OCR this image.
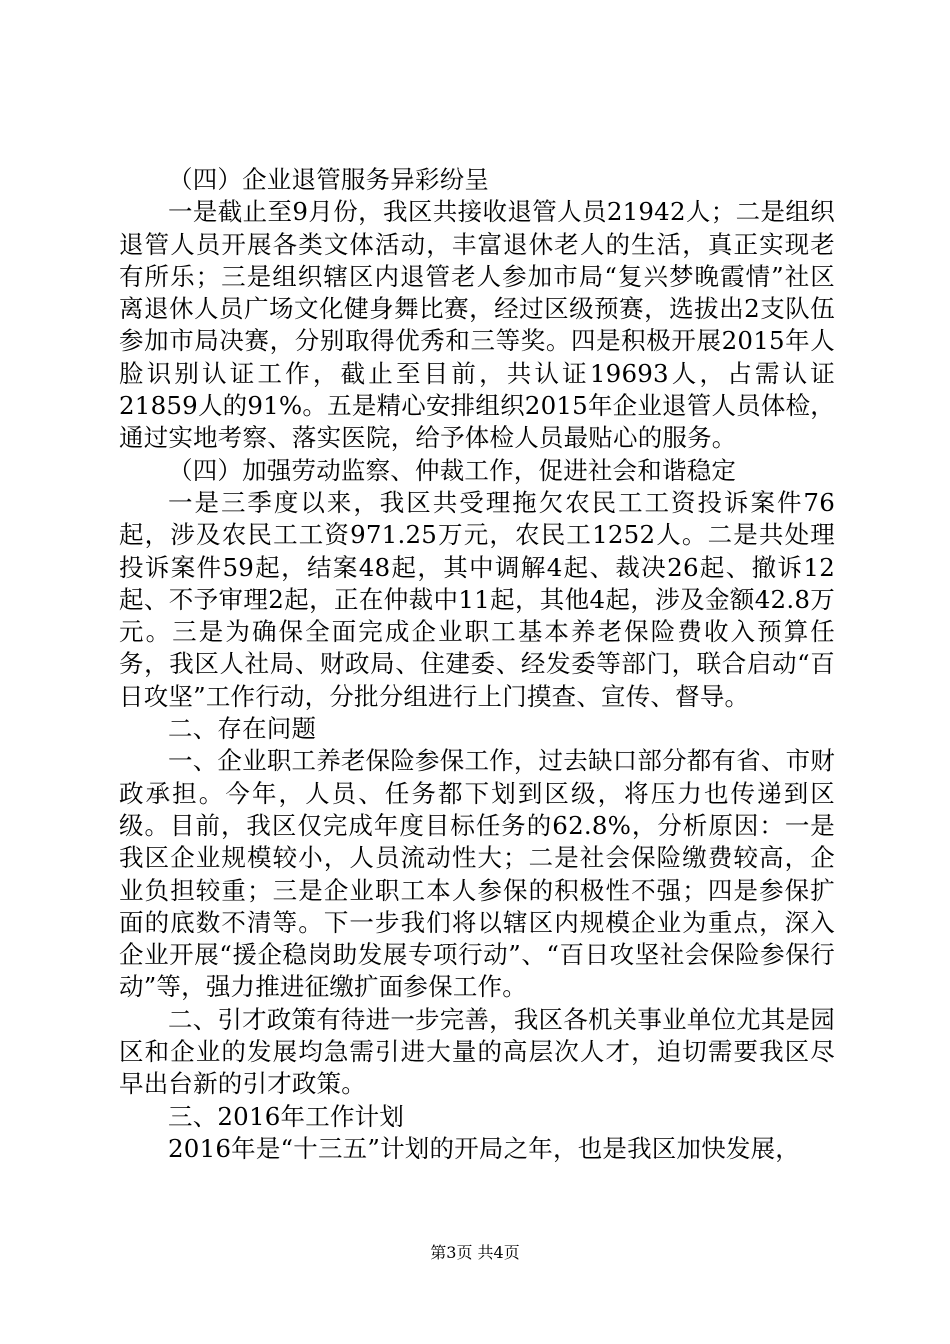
（四）企业退管服务异彩纷呈

一是截止至9月份，我区共接收退管人员21942人；二是组织退管人员开展各类文体活动，丰富退休老人的生活，真正实现老有所乐；三是组织辖区内退管老人参加市局“复兴梦晚霞情”社区离退休人员广场文化健身舞比赛，经过区级预赛，选拔出2支队伍参加市局决赛，分别取得优秀和三等奖。四是积极开展2015年人脸识别认证工作，截止至目前，共认证19693人，占需认证21859人的91%。五是精心安排组织2015年企业退管人员体检，通过实地考察、落实医院，给予体检人员最贴心的服务。

（四）加强劳动监察、仲裁工作，促进社会和谐稳定

一是三季度以来，我区共受理拖欠农民工工资投诉案件76起，涉及农民工工资971.25万元，农民工1252人。二是共处理投诉案件59起，结案48起，其中调解4起、裁决26起、撤诉12起、不予审理2起，正在仲裁中11起，其他4起，涉及金额42.8万元。三是为确保全面完成企业职工基本养老保险费收入预算任务，我区人社局、财政局、住建委、经发委等部门，联合启动“百日攻坚”工作行动，分批分组进行上门摸查、宣传、督导。

二、存在问题

一、企业职工养老保险参保工作，过去缺口部分都有省、市财政承担。今年，人员、任务都下划到区级，将压力也传递到区级。目前，我区仅完成年度目标任务的62.8%，分析原因：一是我区企业规模较小，人员流动性大；二是社会保险缴费较高，企业负担较重；三是企业职工本人参保的积极性不强；四是参保扩面的底数不清等。下一步我们将以辖区内规模企业为重点，深入企业开展“援企稳岗助发展专项行动”、“百日攻坚社会保险参保行动”等，强力推进征缴扩面参保工作。

二、引才政策有待进一步完善，我区各机关事业单位尤其是园区和企业的发展均急需引进大量的高层次人才，迫切需要我区尽早出台新的引才政策。

三、2016年工作计划

2016年是“十三五”计划的开局之年，也是我区加快发展，

第3页 共4页
